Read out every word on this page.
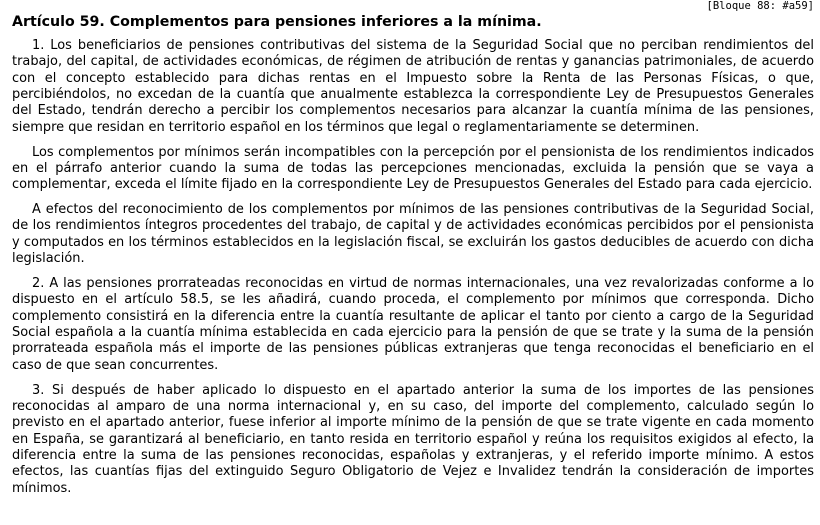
[Bloque 88: #a59]
Artículo 59. Complementos para pensiones inferiores a la mínima.

1. Los beneficiarios de pensiones contributivas del sistema de la Seguridad Social que no perciban rendimientos del trabajo, del capital, de actividades económicas, de régimen de atribución de rentas y ganancias patrimoniales, de acuerdo con el concepto establecido para dichas rentas en el Impuesto sobre la Renta de las Personas Físicas, o que, percibiéndolos, no excedan de la cuantía que anualmente establezca la correspondiente Ley de Presupuestos Generales del Estado, tendrán derecho a percibir los complementos necesarios para alcanzar la cuantía mínima de las pensiones, siempre que residan en territorio español en los términos que legal o reglamentariamente se determinen.

Los complementos por mínimos serán incompatibles con la percepción por el pensionista de los rendimientos indicados en el párrafo anterior cuando la suma de todas las percepciones mencionadas, excluida la pensión que se vaya a complementar, exceda el límite fijado en la correspondiente Ley de Presupuestos Generales del Estado para cada ejercicio.

A efectos del reconocimiento de los complementos por mínimos de las pensiones contributivas de la Seguridad Social, de los rendimientos íntegros procedentes del trabajo, de capital y de actividades económicas percibidos por el pensionista y computados en los términos establecidos en la legislación fiscal, se excluirán los gastos deducibles de acuerdo con dicha legislación.

2. A las pensiones prorrateadas reconocidas en virtud de normas internacionales, una vez revalorizadas conforme a lo dispuesto en el artículo 58.5, se les añadirá, cuando proceda, el complemento por mínimos que corresponda. Dicho complemento consistirá en la diferencia entre la cuantía resultante de aplicar el tanto por ciento a cargo de la Seguridad Social española a la cuantía mínima establecida en cada ejercicio para la pensión de que se trate y la suma de la pensión prorrateada española más el importe de las pensiones públicas extranjeras que tenga reconocidas el beneficiario en el caso de que sean concurrentes.

3. Si después de haber aplicado lo dispuesto en el apartado anterior la suma de los importes de las pensiones reconocidas al amparo de una norma internacional y, en su caso, del importe del complemento, calculado según lo previsto en el apartado anterior, fuese inferior al importe mínimo de la pensión de que se trate vigente en cada momento en España, se garantizará al beneficiario, en tanto resida en territorio español y reúna los requisitos exigidos al efecto, la diferencia entre la suma de las pensiones reconocidas, españolas y extranjeras, y el referido importe mínimo. A estos efectos, las cuantías fijas del extinguido Seguro Obligatorio de Vejez e Invalidez tendrán la consideración de importes mínimos.
